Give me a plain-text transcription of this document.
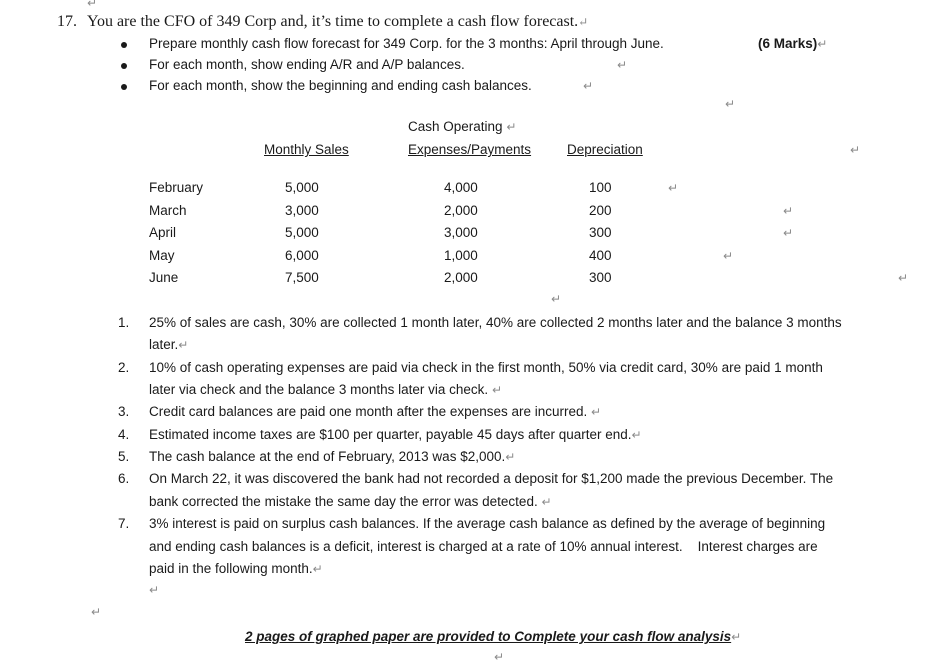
↵
17. You are the CFO of 349 Corp and, it’s time to complete a cash flow forecast.↵
Prepare monthly cash flow forecast for 349 Corp. for the 3 months: April through June.	(6 Marks)↵
For each month, show ending A/R and A/P balances.	↵
For each month, show the beginning and ending cash balances.	↵
↵
Cash Operating ↵
Monthly Sales	Expenses/Payments	Depreciation	↵
February	5,000	4,000	100
March	3,000	2,000	200
April	5,000	3,000	300
May	6,000	1,000	400
June	7,500	2,000	300
↵
↵
↵
↵
↵
↵
1. 25% of sales are cash, 30% are collected 1 month later, 40% are collected 2 months later and the balance 3 months
later.↵
2. 10% of cash operating expenses are paid via check in the first month, 50% via credit card, 30% are paid 1 month
later via check and the balance 3 months later via check. ↵
3. Credit card balances are paid one month after the expenses are incurred. ↵
4. Estimated income taxes are $100 per quarter, payable 45 days after quarter end.↵
5. The cash balance at the end of February, 2013 was $2,000.↵
6. On March 22, it was discovered the bank had not recorded a deposit for $1,200 made the previous December. The
bank corrected the mistake the same day the error was detected. ↵
7. 3% interest is paid on surplus cash balances. If the average cash balance as defined by the average of beginning
and ending cash balances is a deficit, interest is charged at a rate of 10% annual interest.    Interest charges are
paid in the following month.↵
↵
↵
2 pages of graphed paper are provided to Complete your cash flow analysis↵
↵
